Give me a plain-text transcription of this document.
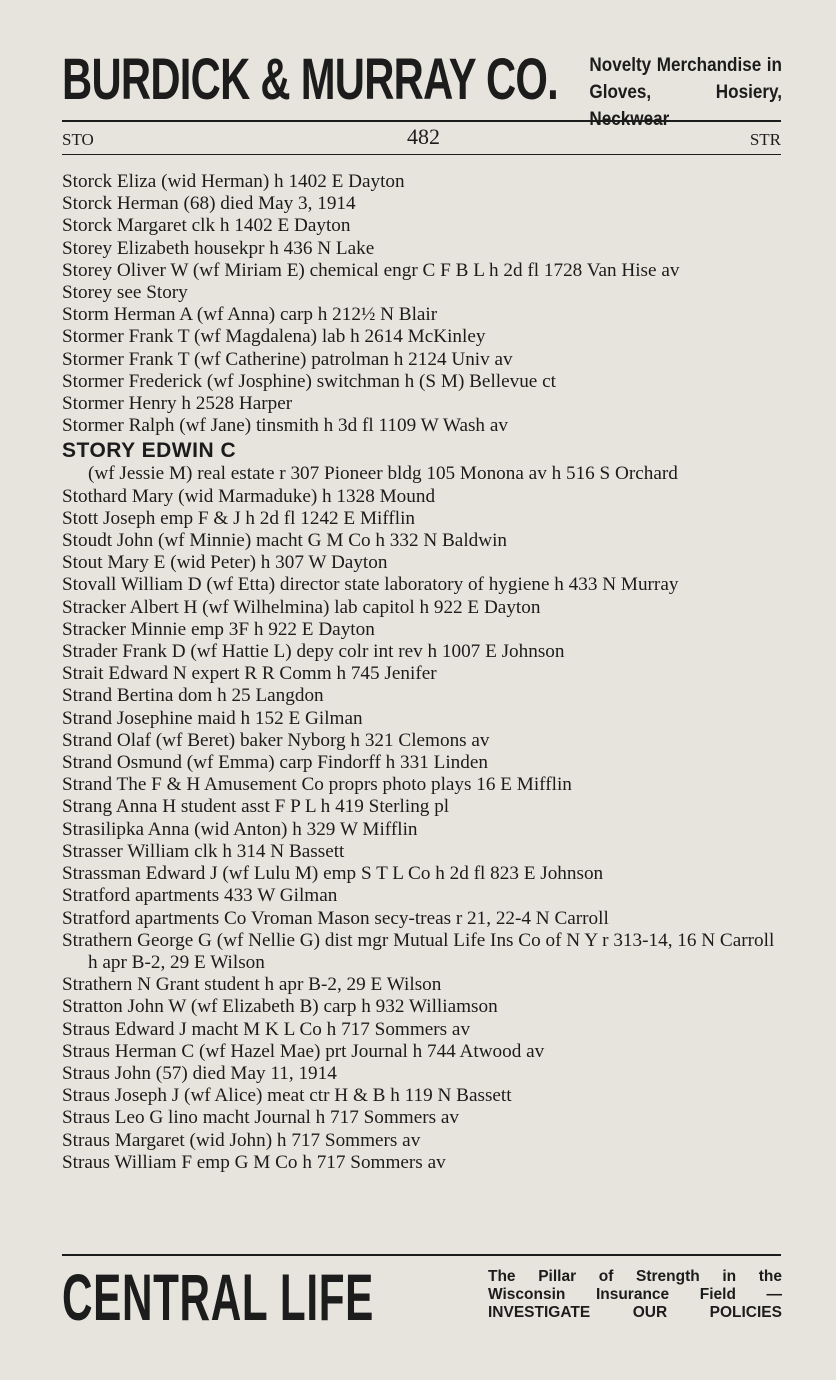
BURDICK & MURRAY CO. Novelty Merchandise in
Gloves, Hosiery, Neckwear
STO	482	STR
Storck Eliza (wid Herman) h 1402 E Dayton
Storck Herman (68) died May 3, 1914
Storck Margaret clk h 1402 E Dayton
Storey Elizabeth housekpr h 436 N Lake
Storey Oliver W (wf Miriam E) chemical engr C F B L h 2d fl 1728 Van Hise av
Storey see Story
Storm Herman A (wf Anna) carp h 212½ N Blair
Stormer Frank T (wf Magdalena) lab h 2614 McKinley
Stormer Frank T (wf Catherine) patrolman h 2124 Univ av
Stormer Frederick (wf Josphine) switchman h (S M) Bellevue ct
Stormer Henry h 2528 Harper
Stormer Ralph (wf Jane) tinsmith h 3d fl 1109 W Wash av
STORY EDWIN C
(wf Jessie M) real estate r 307 Pioneer bldg 105 Monona av h 516 S Orchard
Stothard Mary (wid Marmaduke) h 1328 Mound
Stott Joseph emp F & J h 2d fl 1242 E Mifflin
Stoudt John (wf Minnie) macht G M Co h 332 N Baldwin
Stout Mary E (wid Peter) h 307 W Dayton
Stovall William D (wf Etta) director state laboratory of hygiene h 433 N Murray
Stracker Albert H (wf Wilhelmina) lab capitol h 922 E Dayton
Stracker Minnie emp 3F h 922 E Dayton
Strader Frank D (wf Hattie L) depy colr int rev h 1007 E Johnson
Strait Edward N expert R R Comm h 745 Jenifer
Strand Bertina dom h 25 Langdon
Strand Josephine maid h 152 E Gilman
Strand Olaf (wf Beret) baker Nyborg h 321 Clemons av
Strand Osmund (wf Emma) carp Findorff h 331 Linden
Strand The F & H Amusement Co proprs photo plays 16 E Mifflin
Strang Anna H student asst F P L h 419 Sterling pl
Strasilipka Anna (wid Anton) h 329 W Mifflin
Strasser William clk h 314 N Bassett
Strassman Edward J (wf Lulu M) emp S T L Co h 2d fl 823 E Johnson
Stratford apartments 433 W Gilman
Stratford apartments Co Vroman Mason secy-treas r 21, 22-4 N Carroll
Strathern George G (wf Nellie G) dist mgr Mutual Life Ins Co of N Y r 313-14, 16 N Carroll h apr B-2, 29 E Wilson
Strathern N Grant student h apr B-2, 29 E Wilson
Stratton John W (wf Elizabeth B) carp h 932 Williamson
Straus Edward J macht M K L Co h 717 Sommers av
Straus Herman C (wf Hazel Mae) prt Journal h 744 Atwood av
Straus John (57) died May 11, 1914
Straus Joseph J (wf Alice) meat ctr H & B h 119 N Bassett
Straus Leo G lino macht Journal h 717 Sommers av
Straus Margaret (wid John) h 717 Sommers av
Straus William F emp G M Co h 717 Sommers av
CENTRAL LIFE	The Pillar of Strength in the
Wisconsin Insurance Field —
INVESTIGATE OUR POLICIES
